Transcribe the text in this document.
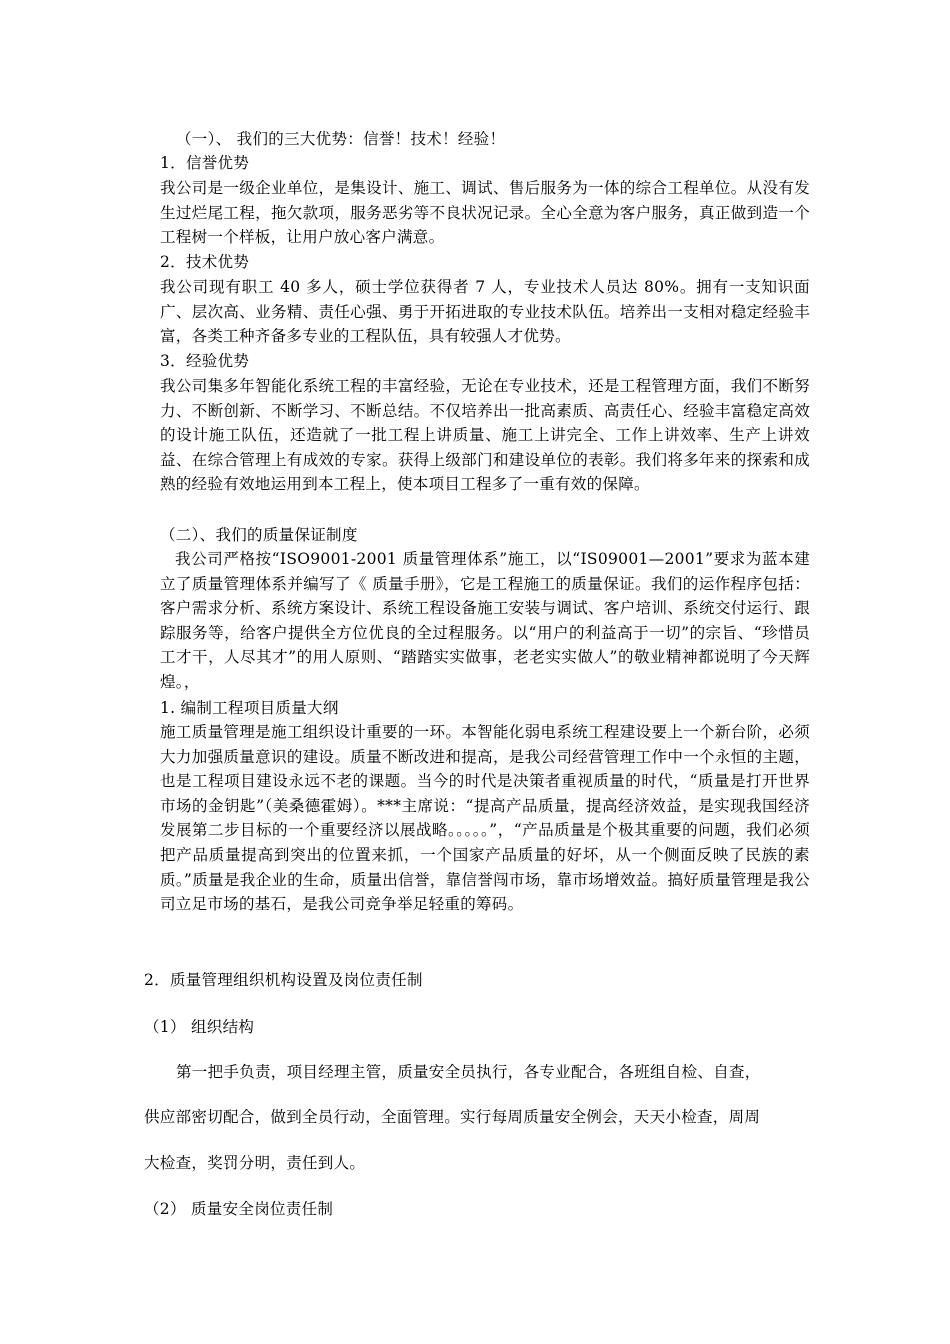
（一）、 我们的三大优势：信誉！技术！经验！
1．信誉优势
我公司是一级企业单位，是集设计、施工、调试、售后服务为一体的综合工程单位。从没有发生过烂尾工程，拖欠款项，服务恶劣等不良状况记录。全心全意为客户服务，真正做到造一个工程树一个样板，让用户放心客户满意。
2．技术优势
我公司现有职工 40 多人，硕士学位获得者 7 人，专业技术人员达 80%。拥有一支知识面广、层次高、业务精、责任心强、勇于开拓进取的专业技术队伍。培养出一支相对稳定经验丰富，各类工种齐备多专业的工程队伍，具有较强人才优势。
3．经验优势
我公司集多年智能化系统工程的丰富经验，无论在专业技术，还是工程管理方面，我们不断努力、不断创新、不断学习、不断总结。不仅培养出一批高素质、高责任心、经验丰富稳定高效的设计施工队伍，还造就了一批工程上讲质量、施工上讲完全、工作上讲效率、生产上讲效益、在综合管理上有成效的专家。获得上级部门和建设单位的表彰。我们将多年来的探索和成熟的经验有效地运用到本工程上，使本项目工程多了一重有效的保障。
（二）、我们的质量保证制度
我公司严格按“ISO9001-2001 质量管理体系”施工，以“IS09001—2001”要求为蓝本建立了质量管理体系并编写了《 质量手册》，它是工程施工的质量保证。我们的运作程序包括：客户需求分析、系统方案设计、系统工程设备施工安装与调试、客户培训、系统交付运行、跟踪服务等，给客户提供全方位优良的全过程服务。以“用户的利益高于一切”的宗旨、“珍惜员工才干，人尽其才”的用人原则、“踏踏实实做事，老老实实做人”的敬业精神都说明了今天辉煌。，
1. 编制工程项目质量大纲
施工质量管理是施工组织设计重要的一环。本智能化弱电系统工程建设要上一个新台阶，必须大力加强质量意识的建设。质量不断改进和提高，是我公司经营管理工作中一个永恒的主题，也是工程项目建设永远不老的课题。当今的时代是决策者重视质量的时代，“质量是打开世界市场的金钥匙”（美桑德霍姆）。***主席说：“提高产品质量，提高经济效益，是实现我国经济发展第二步目标的一个重要经济以展战略。。。。。”，“产品质量是个极其重要的问题，我们必须把产品质量提高到突出的位置来抓，一个国家产品质量的好坏，从一个侧面反映了民族的素质。”质量是我企业的生命，质量出信誉，靠信誉闯市场，靠市场增效益。搞好质量管理是我公司立足市场的基石，是我公司竞争举足轻重的筹码。
2．质量管理组织机构设置及岗位责任制
（1） 组织结构
第一把手负责，项目经理主管，质量安全员执行，各专业配合，各班组自检、自查，
供应部密切配合，做到全员行动，全面管理。实行每周质量安全例会，天天小检查，周周
大检查，奖罚分明，责任到人。
（2） 质量安全岗位责任制
